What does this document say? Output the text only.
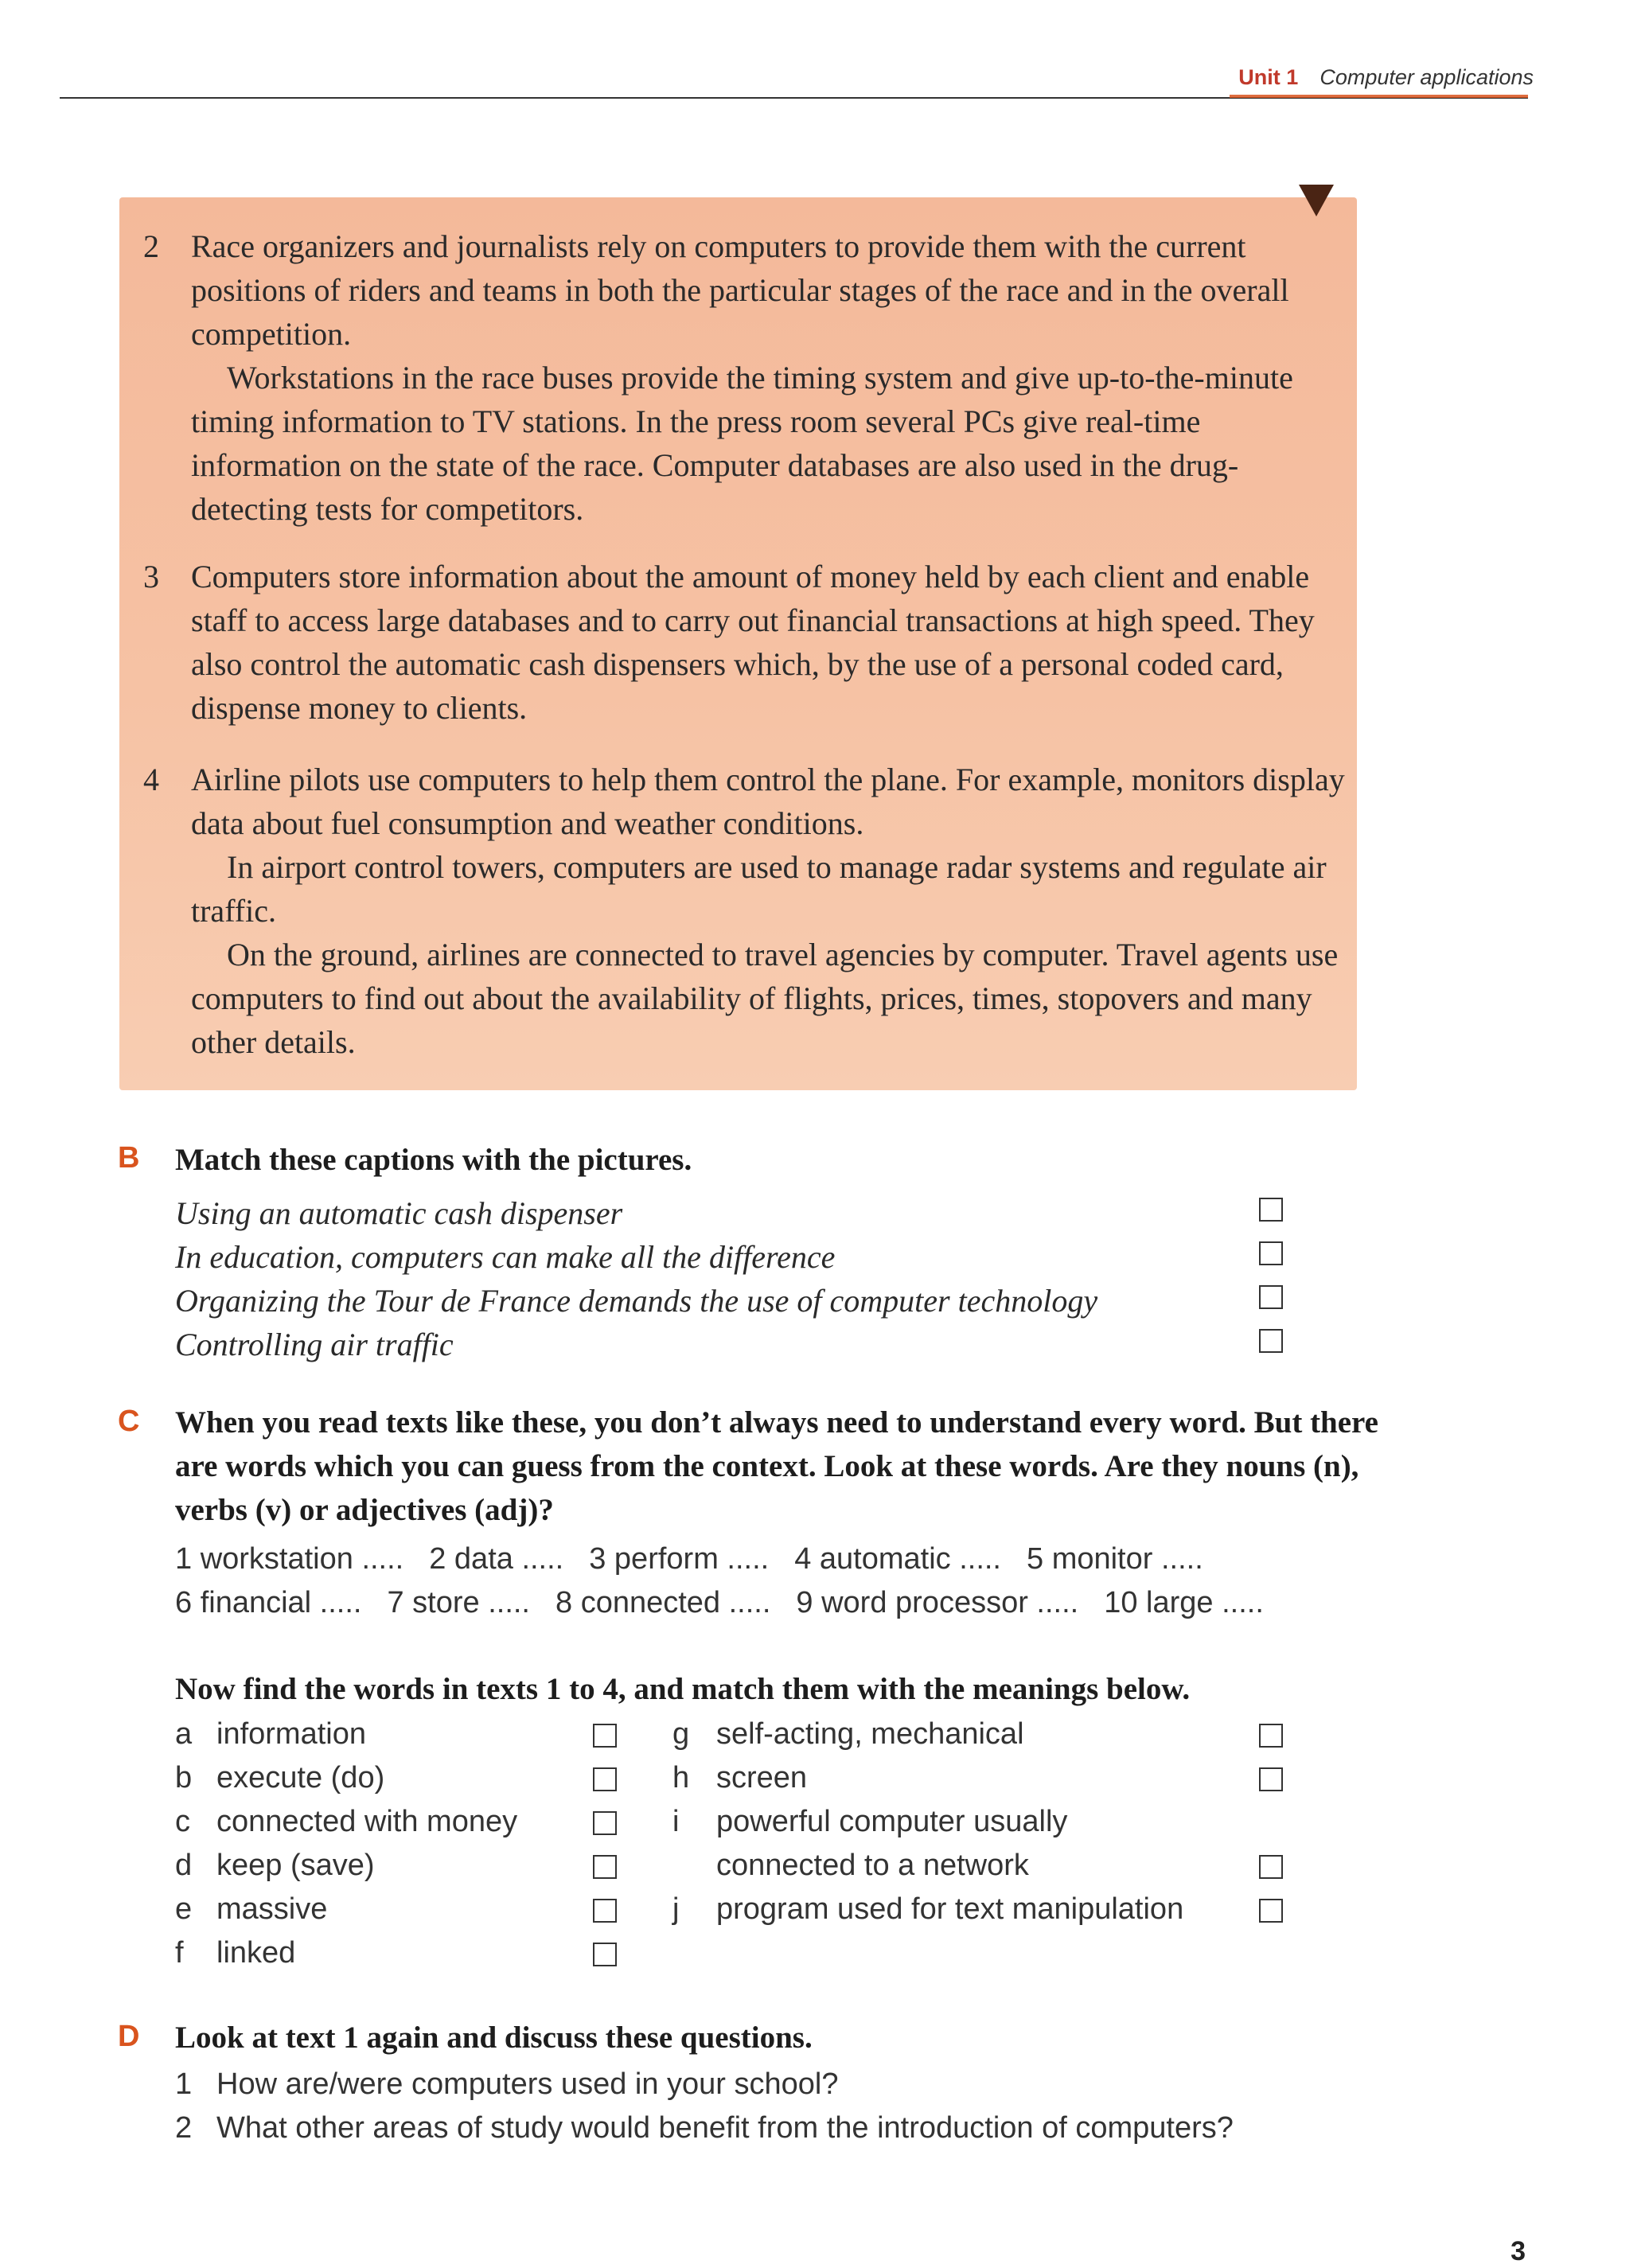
Unit 1 Computer applications
2 Race organizers and journalists rely on computers to provide them with the current positions of riders and teams in both the particular stages of the race and in the overall competition.

Workstations in the race buses provide the timing system and give up-to-the-minute timing information to TV stations. In the press room several PCs give real-time information on the state of the race. Computer databases are also used in the drug-detecting tests for competitors.

3 Computers store information about the amount of money held by each client and enable staff to access large databases and to carry out financial transactions at high speed. They also control the automatic cash dispensers which, by the use of a personal coded card, dispense money to clients.

4 Airline pilots use computers to help them control the plane. For example, monitors display data about fuel consumption and weather conditions.

In airport control towers, computers are used to manage radar systems and regulate air traffic.

On the ground, airlines are connected to travel agencies by computer. Travel agents use computers to find out about the availability of flights, prices, times, stopovers and many other details.

B Match these captions with the pictures.
Using an automatic cash dispenser
In education, computers can make all the difference
Organizing the Tour de France demands the use of computer technology
Controlling air traffic
C When you read texts like these, you don’t always need to understand every word. But there are words which you can guess from the context. Look at these words. Are they nouns (n), verbs (v) or adjectives (adj)?
1 workstation ..... 2 data ..... 3 perform ..... 4 automatic ..... 5 monitor .....
6 financial ..... 7 store ..... 8 connected ..... 9 word processor ..... 10 large .....
Now find the words in texts 1 to 4, and match them with the meanings below.
a information
b execute (do)
c connected with money
d keep (save)
e massive
f linked
g self-acting, mechanical
h screen
i powerful computer usually
connected to a network
j program used for text manipulation
D Look at text 1 again and discuss these questions.
1 How are/were computers used in your school?
2 What other areas of study would benefit from the introduction of computers?
3
